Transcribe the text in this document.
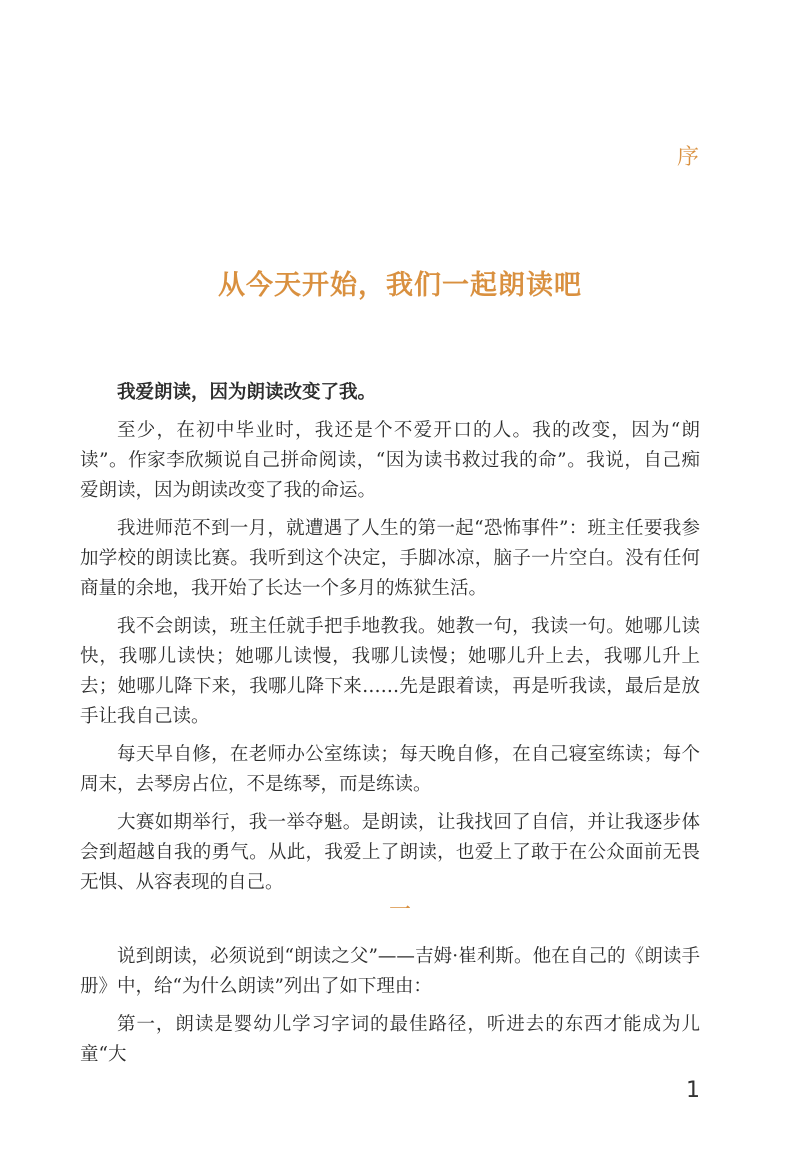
序
从今天开始，我们一起朗读吧

我爱朗读，因为朗读改变了我。

至少，在初中毕业时，我还是个不爱开口的人。我的改变，因为“朗读”。作家李欣频说自己拼命阅读，“因为读书救过我的命”。我说，自己痴爱朗读，因为朗读改变了我的命运。

我进师范不到一月，就遭遇了人生的第一起“恐怖事件”：班主任要我参加学校的朗读比赛。我听到这个决定，手脚冰凉，脑子一片空白。没有任何商量的余地，我开始了长达一个多月的炼狱生活。

我不会朗读，班主任就手把手地教我。她教一句，我读一句。她哪儿读快，我哪儿读快；她哪儿读慢，我哪儿读慢；她哪儿升上去，我哪儿升上去；她哪儿降下来，我哪儿降下来……先是跟着读，再是听我读，最后是放手让我自己读。

每天早自修，在老师办公室练读；每天晚自修，在自己寝室练读；每个周末，去琴房占位，不是练琴，而是练读。

大赛如期举行，我一举夺魁。是朗读，让我找回了自信，并让我逐步体会到超越自我的勇气。从此，我爱上了朗读，也爱上了敢于在公众面前无畏无惧、从容表现的自己。

一

说到朗读，必须说到“朗读之父”——吉姆·崔利斯。他在自己的《朗读手册》中，给“为什么朗读”列出了如下理由：

第一，朗读是婴幼儿学习字词的最佳路径，听进去的东西才能成为儿童“大

1
